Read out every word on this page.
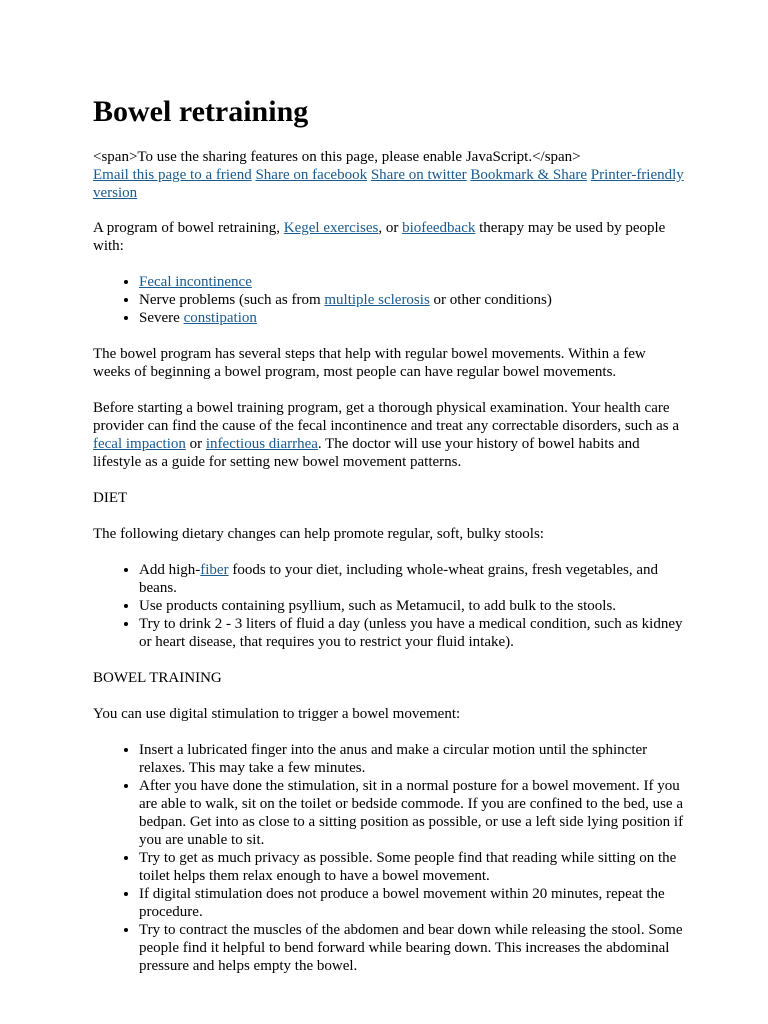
Bowel retraining
<span>To use the sharing features on this page, please enable JavaScript.</span>
Email this page to a friend Share on facebook Share on twitter Bookmark & Share Printer-friendly version

A program of bowel retraining, Kegel exercises, or biofeedback therapy may be used by people with:

• Fecal incontinence
• Nerve problems (such as from multiple sclerosis or other conditions)
• Severe constipation

The bowel program has several steps that help with regular bowel movements. Within a few weeks of beginning a bowel program, most people can have regular bowel movements.

Before starting a bowel training program, get a thorough physical examination. Your health care provider can find the cause of the fecal incontinence and treat any correctable disorders, such as a fecal impaction or infectious diarrhea. The doctor will use your history of bowel habits and lifestyle as a guide for setting new bowel movement patterns.

DIET

The following dietary changes can help promote regular, soft, bulky stools:

• Add high-fiber foods to your diet, including whole-wheat grains, fresh vegetables, and beans.
• Use products containing psyllium, such as Metamucil, to add bulk to the stools.
• Try to drink 2 - 3 liters of fluid a day (unless you have a medical condition, such as kidney or heart disease, that requires you to restrict your fluid intake).

BOWEL TRAINING

You can use digital stimulation to trigger a bowel movement:

• Insert a lubricated finger into the anus and make a circular motion until the sphincter relaxes. This may take a few minutes.
• After you have done the stimulation, sit in a normal posture for a bowel movement. If you are able to walk, sit on the toilet or bedside commode. If you are confined to the bed, use a bedpan. Get into as close to a sitting position as possible, or use a left side lying position if you are unable to sit.
• Try to get as much privacy as possible. Some people find that reading while sitting on the toilet helps them relax enough to have a bowel movement.
• If digital stimulation does not produce a bowel movement within 20 minutes, repeat the procedure.
• Try to contract the muscles of the abdomen and bear down while releasing the stool. Some people find it helpful to bend forward while bearing down. This increases the abdominal pressure and helps empty the bowel.
